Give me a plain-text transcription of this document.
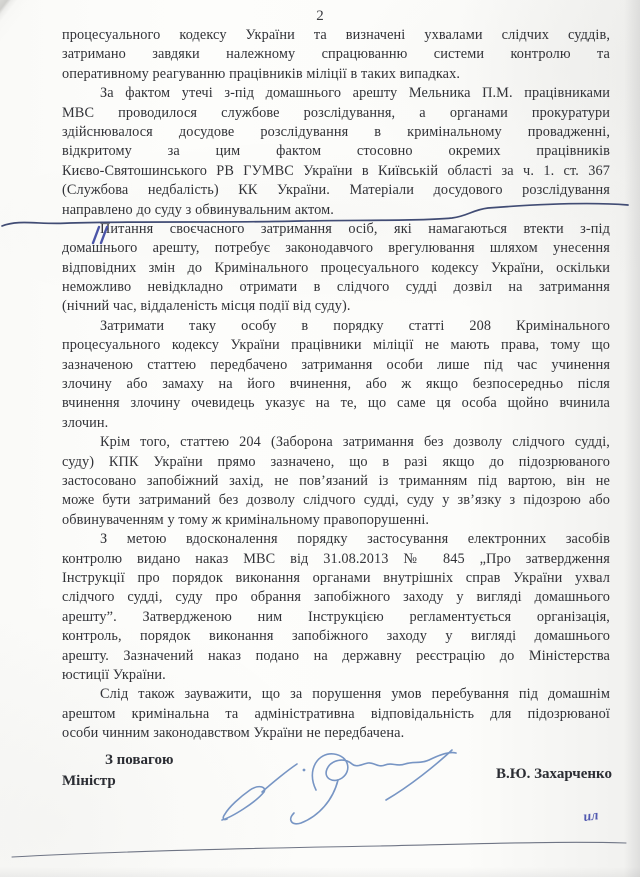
2
процесуального кодексу України та визначені ухвалами слідчих суддів,
затримано завдяки належному спрацюванню системи контролю та
оперативному реагуванню працівників міліції в таких випадках.
За фактом утечі з-під домашнього арешту Мельника П.М. працівниками
МВС проводилося службове розслідування, а органами прокуратури
здійснювалося досудове розслідування в кримінальному провадженні,
відкритому за цим фактом стосовно окремих працівників
Києво-Святошинського РВ ГУМВС України в Київській області за ч. 1. ст. 367
(Службова недбалість) КК України. Матеріали досудового розслідування
направлено до суду з обвинувальним актом.
Питання своєчасного затримання осіб, які намагаються втекти з-під
домашнього арешту, потребує законодавчого врегулювання шляхом унесення
відповідних змін до Кримінального процесуального кодексу України, оскільки
неможливо невідкладно отримати в слідчого судді дозвіл на затримання
(нічний час, віддаленість місця події від суду).
Затримати таку особу в порядку статті 208 Кримінального
процесуального кодексу України працівники міліції не мають права, тому що
зазначеною статтею передбачено затримання особи лише під час учинення
злочину або замаху на його вчинення, або ж якщо безпосередньо після
вчинення злочину очевидець указує на те, що саме ця особа щойно вчинила
злочин.
Крім того, статтею 204 (Заборона затримання без дозволу слідчого судді,
суду) КПК України прямо зазначено, що в разі якщо до підозрюваного
застосовано запобіжний захід, не пов’язаний із триманням під вартою, він не
може бути затриманий без дозволу слідчого судді, суду у зв’язку з підозрою або
обвинуваченням у тому ж кримінальному правопорушенні.
З метою вдосконалення порядку застосування електронних засобів
контролю видано наказ МВС від 31.08.2013 № 845 „Про затвердження
Інструкції про порядок виконання органами внутрішніх справ України ухвал
слідчого судді, суду про обрання запобіжного заходу у вигляді домашнього
арешту”. Затвердженою ним Інструкцією регламентується організація,
контроль, порядок виконання запобіжного заходу у вигляді домашнього
арешту. Зазначений наказ подано на державну реєстрацію до Міністерства
юстиції України.
Слід також зауважити, що за порушення умов перебування під домашнім
арештом кримінальна та адміністративна відповідальність для підозрюваної
особи чинним законодавством України не передбачена.
З повагою
Міністр	В.Ю. Захарченко
ил
